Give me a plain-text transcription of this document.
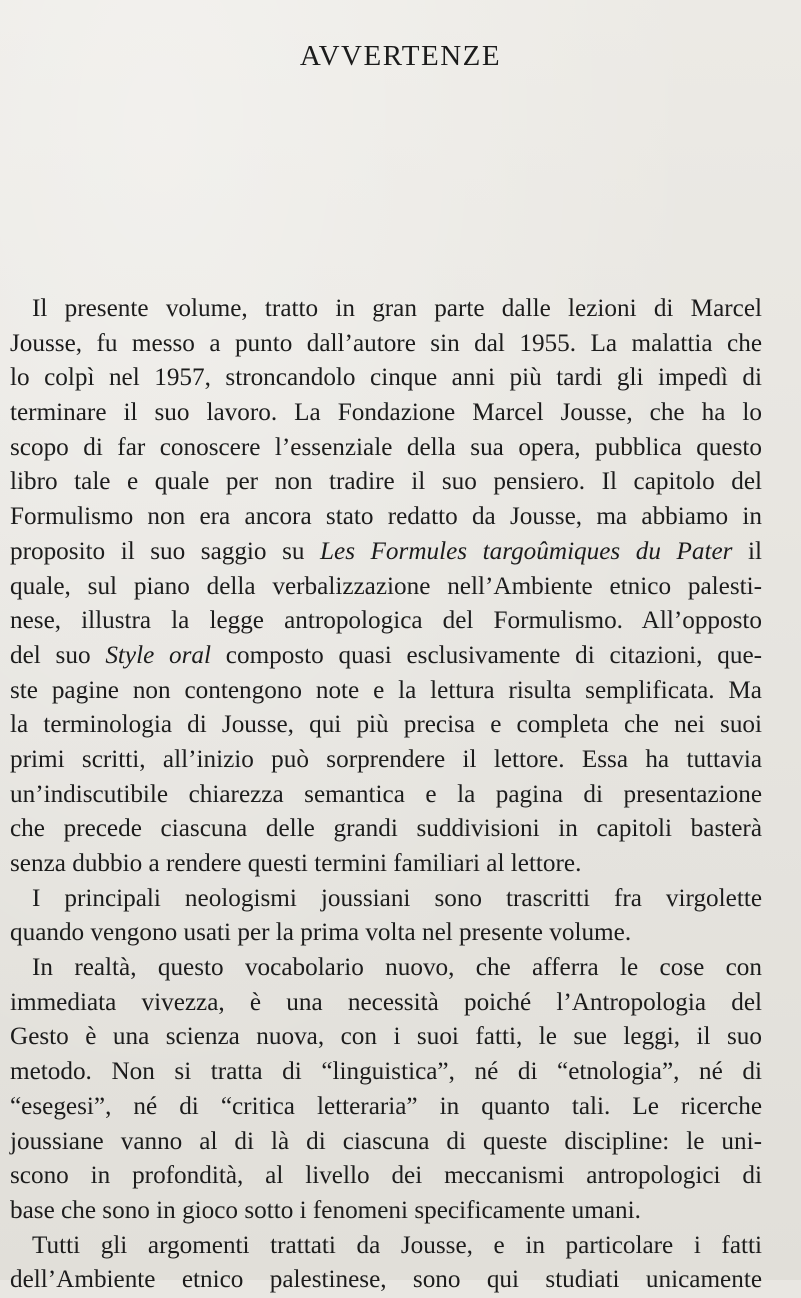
AVVERTENZE
Il presente volume, tratto in gran parte dalle lezioni di Marcel
Jousse, fu messo a punto dall’autore sin dal 1955. La malattia che
lo colpì nel 1957, stroncandolo cinque anni più tardi gli impedì di
terminare il suo lavoro. La Fondazione Marcel Jousse, che ha lo
scopo di far conoscere l’essenziale della sua opera, pubblica questo
libro tale e quale per non tradire il suo pensiero. Il capitolo del
Formulismo non era ancora stato redatto da Jousse, ma abbiamo in
proposito il suo saggio su Les Formules targoûmiques du Pater il
quale, sul piano della verbalizzazione nell’Ambiente etnico palesti-
nese, illustra la legge antropologica del Formulismo. All’opposto
del suo Style oral composto quasi esclusivamente di citazioni, que-
ste pagine non contengono note e la lettura risulta semplificata. Ma
la terminologia di Jousse, qui più precisa e completa che nei suoi
primi scritti, all’inizio può sorprendere il lettore. Essa ha tuttavia
un’indiscutibile chiarezza semantica e la pagina di presentazione
che precede ciascuna delle grandi suddivisioni in capitoli basterà
senza dubbio a rendere questi termini familiari al lettore.
I principali neologismi joussiani sono trascritti fra virgolette
quando vengono usati per la prima volta nel presente volume.
In realtà, questo vocabolario nuovo, che afferra le cose con
immediata vivezza, è una necessità poiché l’Antropologia del
Gesto è una scienza nuova, con i suoi fatti, le sue leggi, il suo
metodo. Non si tratta di “linguistica”, né di “etnologia”, né di
“esegesi”, né di “critica letteraria” in quanto tali. Le ricerche
joussiane vanno al di là di ciascuna di queste discipline: le uni-
scono in profondità, al livello dei meccanismi antropologici di
base che sono in gioco sotto i fenomeni specificamente umani.
Tutti gli argomenti trattati da Jousse, e in particolare i fatti
dell’Ambiente etnico palestinese, sono qui studiati unicamente
